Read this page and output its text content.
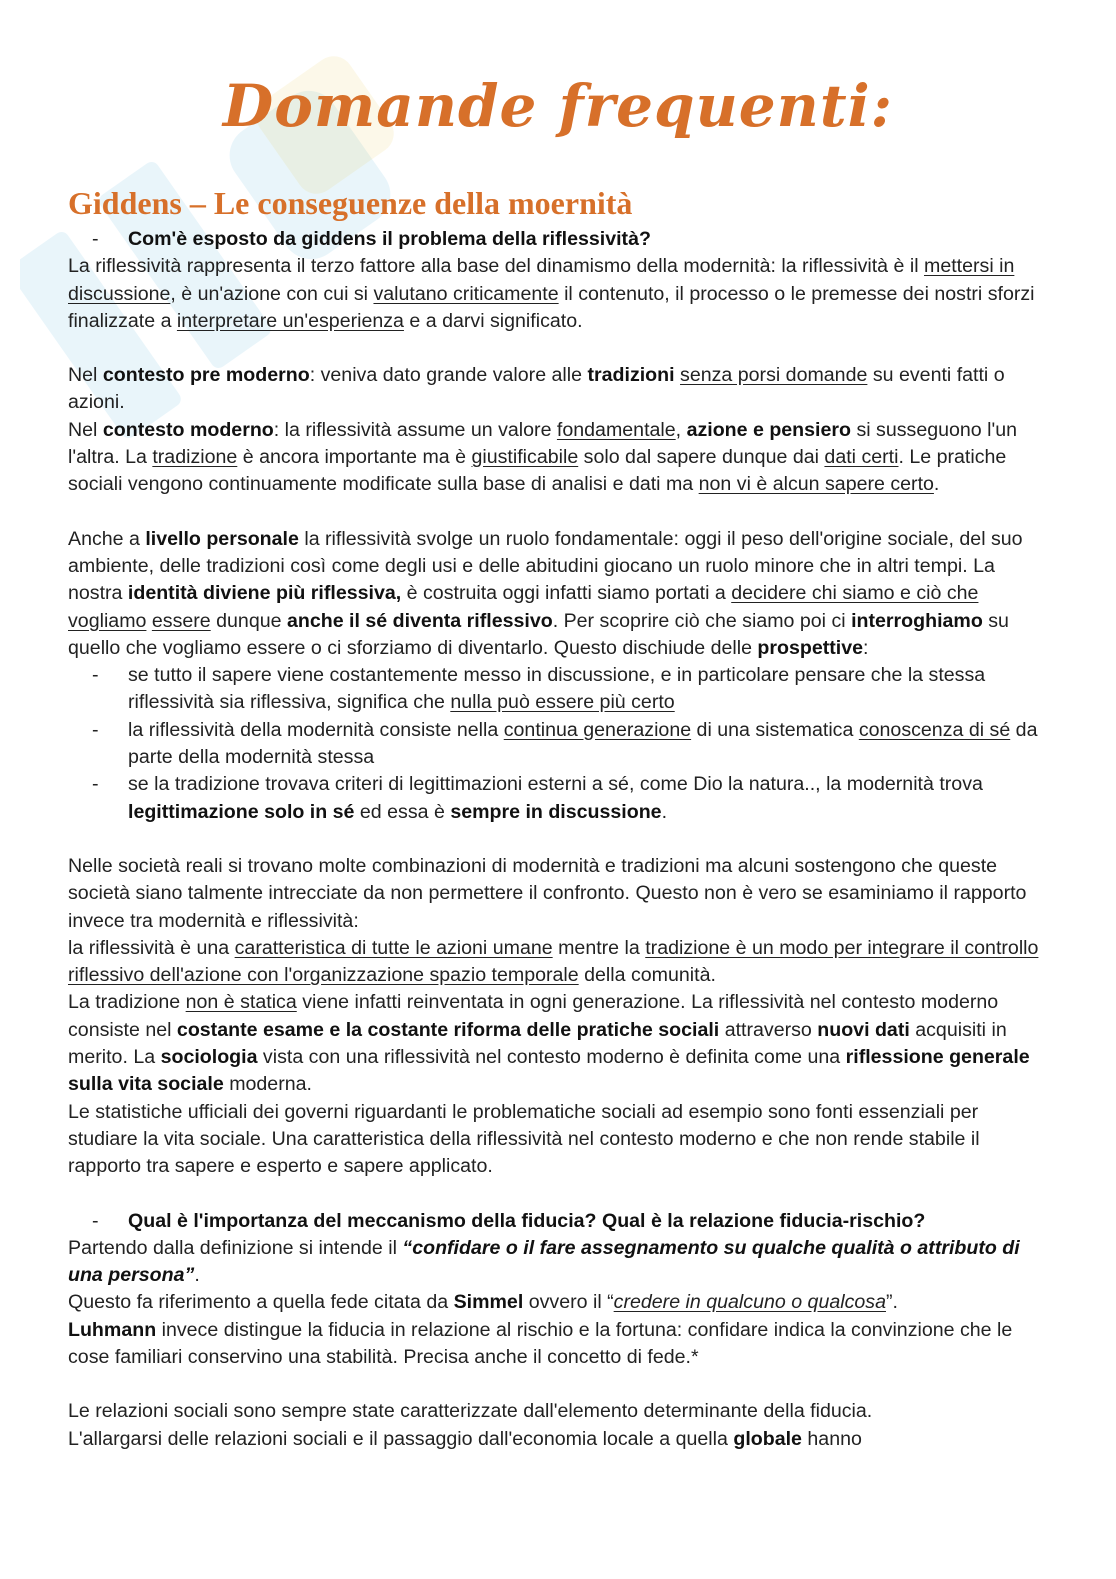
Domande frequenti:
Giddens – Le conseguenze della moernità
-	Com'è esposto da giddens il problema della riflessività?

La riflessività rappresenta il terzo fattore alla base del dinamismo della modernità: la riflessività è il mettersi in discussione, è un'azione con cui si valutano criticamente il contenuto, il processo o le premesse dei nostri sforzi finalizzate a interpretare un'esperienza e a darvi significato.

Nel contesto pre moderno: veniva dato grande valore alle tradizioni senza porsi domande su eventi fatti o azioni.

Nel contesto moderno: la riflessività assume un valore fondamentale, azione e pensiero si susseguono l'un l'altra. La tradizione è ancora importante ma è giustificabile solo dal sapere dunque dai dati certi. Le pratiche sociali vengono continuamente modificate sulla base di analisi e dati ma non vi è alcun sapere certo.

Anche a livello personale la riflessività svolge un ruolo fondamentale: oggi il peso dell'origine sociale, del suo ambiente, delle tradizioni così come degli usi e delle abitudini giocano un ruolo minore che in altri tempi. La nostra identità diviene più riflessiva, è costruita oggi infatti siamo portati a decidere chi siamo e ciò che vogliamo essere dunque anche il sé diventa riflessivo. Per scoprire ciò che siamo poi ci interroghiamo su quello che vogliamo essere o ci sforziamo di diventarlo. Questo dischiude delle prospettive:

-	se tutto il sapere viene costantemente messo in discussione, e in particolare pensare che la stessa riflessività sia riflessiva, significa che nulla può essere più certo
-	la riflessività della modernità consiste nella continua generazione di una sistematica conoscenza di sé da parte della modernità stessa
-	se la tradizione trovava criteri di legittimazioni esterni a sé, come Dio la natura.., la modernità trova legittimazione solo in sé ed essa è sempre in discussione.

Nelle società reali si trovano molte combinazioni di modernità e tradizioni ma alcuni sostengono che queste società siano talmente intrecciate da non permettere il confronto. Questo non è vero se esaminiamo il rapporto invece tra modernità e riflessività:

la riflessività è una caratteristica di tutte le azioni umane mentre la tradizione è un modo per integrare il controllo riflessivo dell'azione con l'organizzazione spazio temporale della comunità.

La tradizione non è statica viene infatti reinventata in ogni generazione. La riflessività nel contesto moderno consiste nel costante esame e la costante riforma delle pratiche sociali attraverso nuovi dati acquisiti in merito. La sociologia vista con una riflessività nel contesto moderno è definita come una riflessione generale sulla vita sociale moderna.

Le statistiche ufficiali dei governi riguardanti le problematiche sociali ad esempio sono fonti essenziali per studiare la vita sociale. Una caratteristica della riflessività nel contesto moderno e che non rende stabile il rapporto tra sapere e esperto e sapere applicato.

-	Qual è l'importanza del meccanismo della fiducia? Qual è la relazione fiducia-rischio?

Partendo dalla definizione si intende il “confidare o il fare assegnamento su qualche qualità o attributo di una persona”.

Questo fa riferimento a quella fede citata da Simmel ovvero il “credere in qualcuno o qualcosa”.

Luhmann invece distingue la fiducia in relazione al rischio e la fortuna: confidare indica la convinzione che le cose familiari conservino una stabilità. Precisa anche il concetto di fede.*

Le relazioni sociali sono sempre state caratterizzate dall'elemento determinante della fiducia.

L'allargarsi delle relazioni sociali e il passaggio dall'economia locale a quella globale hanno
